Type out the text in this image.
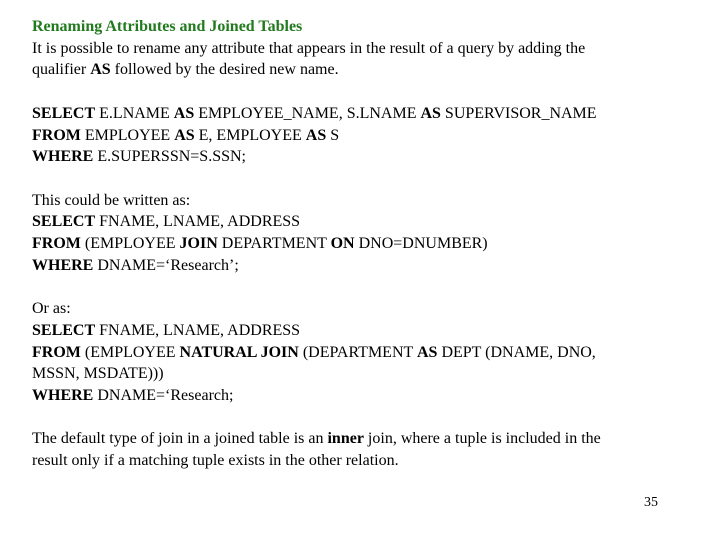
Renaming Attributes and Joined Tables
It is possible to rename any attribute that appears in the result of a query by adding the
qualifier AS followed by the desired new name.
SELECT E.LNAME AS EMPLOYEE_NAME, S.LNAME AS SUPERVISOR_NAME
FROM EMPLOYEE AS E, EMPLOYEE AS S
WHERE E.SUPERSSN=S.SSN;
This could be written as:
SELECT FNAME, LNAME, ADDRESS
FROM (EMPLOYEE JOIN DEPARTMENT ON DNO=DNUMBER)
WHERE DNAME=‘Research’;
Or as:
SELECT FNAME, LNAME, ADDRESS
FROM (EMPLOYEE NATURAL JOIN (DEPARTMENT AS DEPT (DNAME, DNO,
MSSN, MSDATE)))
WHERE DNAME=‘Research;
The default type of join in a joined table is an inner join, where a tuple is included in the
result only if a matching tuple exists in the other relation.
35
